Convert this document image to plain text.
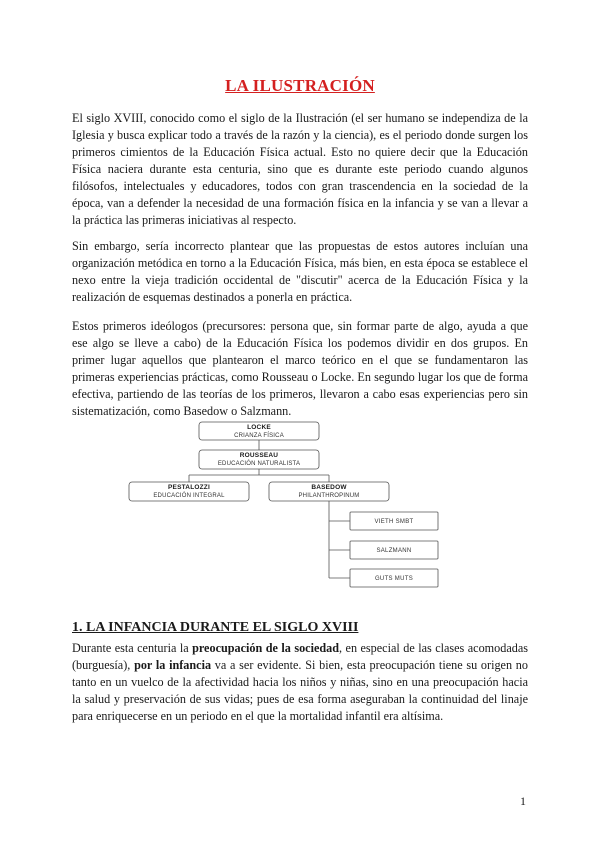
LA ILUSTRACIÓN

El siglo XVIII, conocido como el siglo de la Ilustración (el ser humano se independiza de la Iglesia y busca explicar todo a través de la razón y la ciencia), es el periodo donde surgen los primeros cimientos de la Educación Física actual. Esto no quiere decir que la Educación Física naciera durante esta centuria, sino que es durante este periodo cuando algunos filósofos, intelectuales y educadores, todos con gran trascendencia en la sociedad de la época, van a defender la necesidad de una formación física en la infancia y se van a llevar a la práctica las primeras iniciativas al respecto.

Sin embargo, sería incorrecto plantear que las propuestas de estos autores incluían una organización metódica en torno a la Educación Física, más bien, en esta época se establece el nexo entre la vieja tradición occidental de "discutir" acerca de la Educación Física y la realización de esquemas destinados a ponerla en práctica.

Estos primeros ideólogos (precursores: persona que, sin formar parte de algo, ayuda a que ese algo se lleve a cabo) de la Educación Física los podemos dividir en dos grupos. En primer lugar aquellos que plantearon el marco teórico en el que se fundamentaron las primeras experiencias prácticas, como Rousseau o Locke. En segundo lugar los que de forma efectiva, partiendo de las teorías de los primeros, llevaron a cabo esas experiencias pero sin sistematización, como Basedow o Salzmann.

LOCKE
CRIANZA FÍSICA
ROUSSEAU
EDUCACIÓN NATURALISTA
PESTALOZZI
EDUCACIÓN INTEGRAL
BASEDOW
PHILANTHROPINUM
VIETH SMBT
SALZMANN
GUTS MUTS
1. LA INFANCIA DURANTE EL SIGLO XVIII

Durante esta centuria la preocupación de la sociedad, en especial de las clases acomodadas (burguesía), por la infancia va a ser evidente. Si bien, esta preocupación tiene su origen no tanto en un vuelco de la afectividad hacia los niños y niñas, sino en una preocupación hacia la salud y preservación de sus vidas; pues de esa forma aseguraban la continuidad del linaje para enriquecerse en un periodo en el que la mortalidad infantil era altísima.

1
